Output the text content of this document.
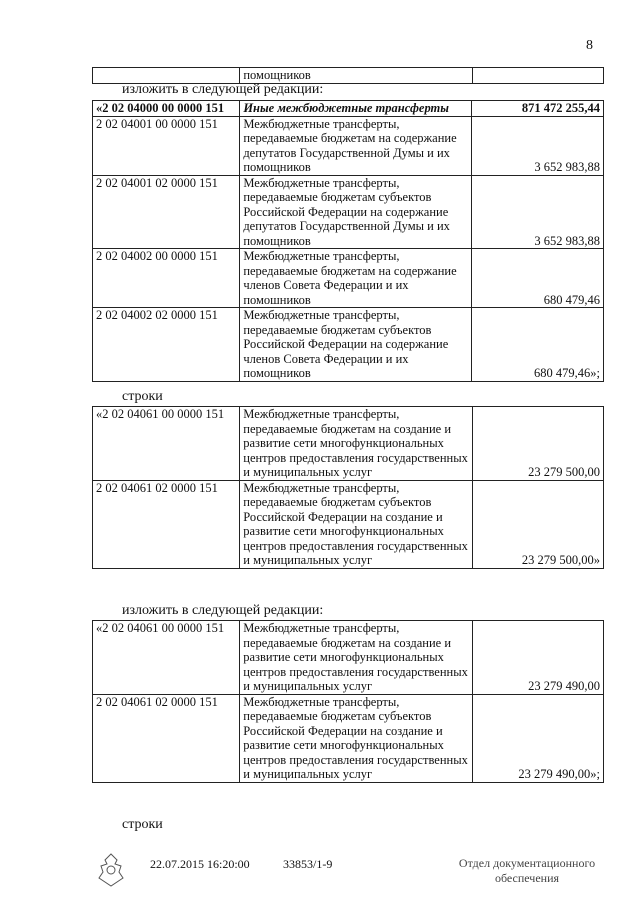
8
	помощников	
изложить в следующей редакции:
«2 02 04000 00 0000 151	Иные межбюджетные трансферты	871 472 255,44
2 02 04001 00 0000 151	Межбюджетные трансферты, передаваемые бюджетам на содержание депутатов Государственной Думы и их помощников	3 652 983,88
2 02 04001 02 0000 151	Межбюджетные трансферты, передаваемые бюджетам субъектов Российской Федерации на содержание депутатов Государственной Думы и их помощников	3 652 983,88
2 02 04002 00 0000 151	Межбюджетные трансферты, передаваемые бюджетам на содержание членов Совета Федерации и их помошников	680 479,46
2 02 04002 02 0000 151	Межбюджетные трансферты, передаваемые бюджетам субъектов Российской Федерации на содержание членов Совета Федерации и их помощников	680 479,46»;
строки
«2 02 04061 00 0000 151	Межбюджетные трансферты, передаваемые бюджетам на создание и развитие сети многофункциональных центров предоставления государственных и муниципальных услуг	23 279 500,00
2 02 04061 02 0000 151	Межбюджетные трансферты, передаваемые бюджетам субъектов Российской Федерации на создание и развитие сети многофункциональных центров предоставления государственных и муниципальных услуг	23 279 500,00»
изложить в следующей редакции:
«2 02 04061 00 0000 151	Межбюджетные трансферты, передаваемые бюджетам на создание и развитие сети многофункциональных центров предоставления государственных и муниципальных услуг	23 279 490,00
2 02 04061 02 0000 151	Межбюджетные трансферты, передаваемые бюджетам субъектов Российской Федерации на создание и развитие сети многофункциональных центров предоставления государственных и муниципальных услуг	23 279 490,00»;
строки
22.07.2015 16:20:00	33853/1-9	Отдел документационного
обеспечения
